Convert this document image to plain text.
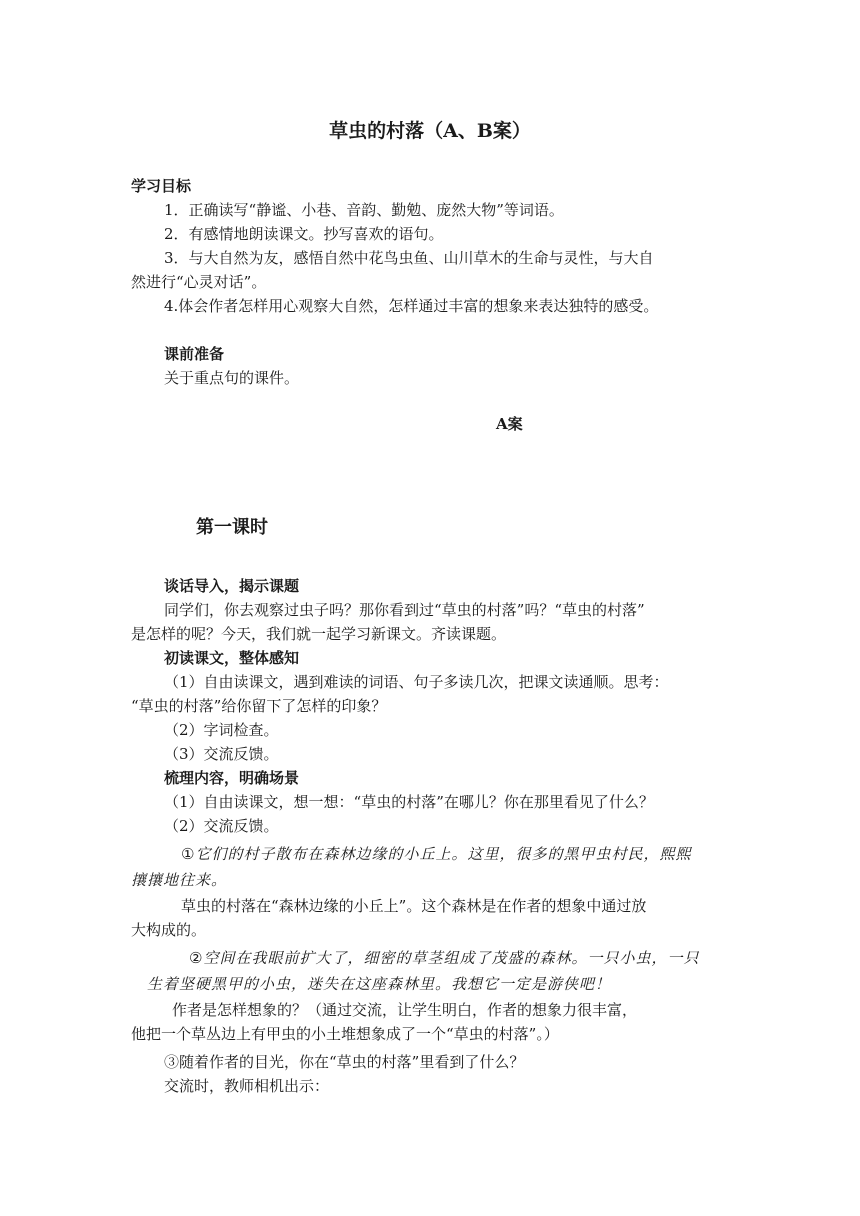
草虫的村落（A、B案）
学习目标
1．正确读写“静谧、小巷、音韵、勤勉、庞然大物”等词语。
2．有感情地朗读课文。抄写喜欢的语句。
3．与大自然为友，感悟自然中花鸟虫鱼、山川草木的生命与灵性，与大自
然进行“心灵对话”。
4.体会作者怎样用心观察大自然，怎样通过丰富的想象来表达独特的感受。
课前准备
关于重点句的课件。
A案
第一课时
谈话导入，揭示课题
同学们，你去观察过虫子吗？那你看到过“草虫的村落”吗？“草虫的村落”
是怎样的呢？今天，我们就一起学习新课文。齐读课题。
初读课文，整体感知
（1）自由读课文，遇到难读的词语、句子多读几次，把课文读通顺。思考：
“草虫的村落”给你留下了怎样的印象？
（2）字词检查。
（3）交流反馈。
梳理内容，明确场景
（1）自由读课文，想一想：“草虫的村落”在哪儿？你在那里看见了什么？
（2）交流反馈。
①它们的村子散布在森林边缘的小丘上。这里，很多的黑甲虫村民，熙熙
攘攘地往来。
草虫的村落在“森林边缘的小丘上”。这个森林是在作者的想象中通过放
大构成的。
②空间在我眼前扩大了，细密的草茎组成了茂盛的森林。一只小虫，一只
生着坚硬黑甲的小虫，迷失在这座森林里。我想它一定是游侠吧！
作者是怎样想象的？（通过交流，让学生明白，作者的想象力很丰富，
他把一个草丛边上有甲虫的小土堆想象成了一个“草虫的村落”。）
③随着作者的目光，你在“草虫的村落”里看到了什么？
交流时，教师相机出示：
